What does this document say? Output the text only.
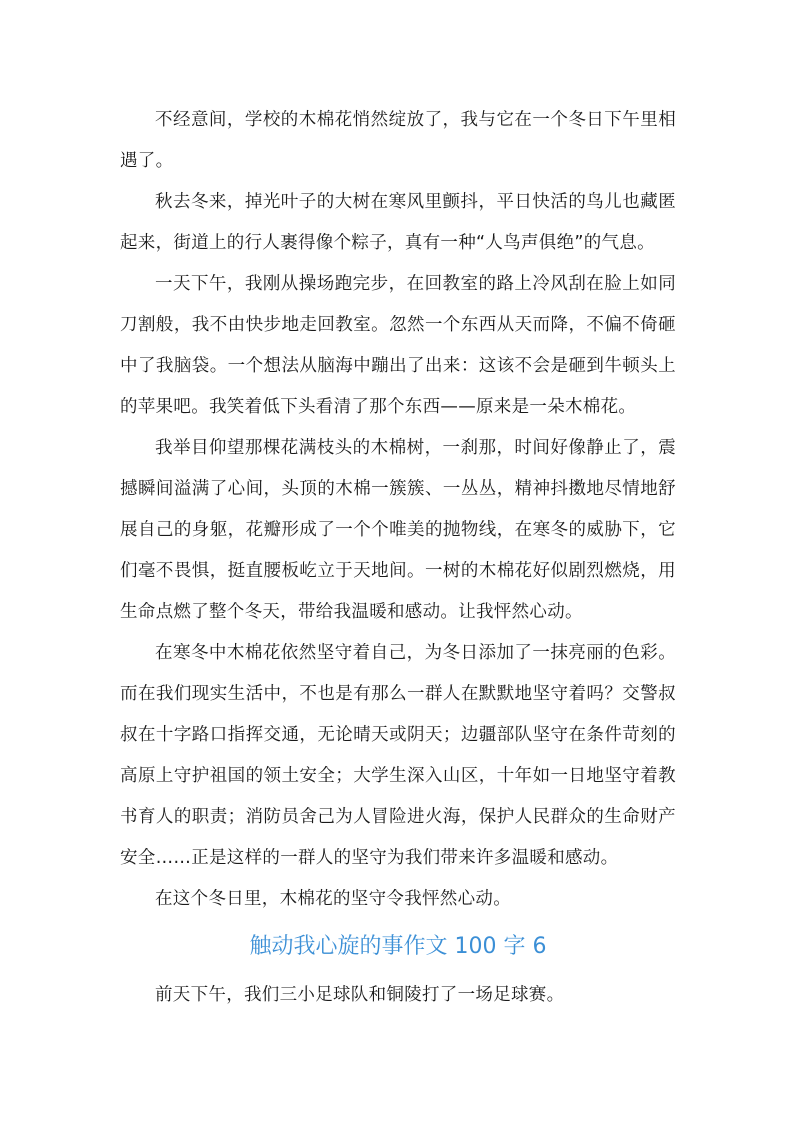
不经意间，学校的木棉花悄然绽放了，我与它在一个冬日下午里相遇了。

秋去冬来，掉光叶子的大树在寒风里颤抖，平日快活的鸟儿也藏匿起来，街道上的行人裹得像个粽子，真有一种“人鸟声俱绝”的气息。

一天下午，我刚从操场跑完步，在回教室的路上冷风刮在脸上如同刀割般，我不由快步地走回教室。忽然一个东西从天而降，不偏不倚砸中了我脑袋。一个想法从脑海中蹦出了出来：这该不会是砸到牛顿头上的苹果吧。我笑着低下头看清了那个东西——原来是一朵木棉花。

我举目仰望那棵花满枝头的木棉树，一刹那，时间好像静止了，震撼瞬间溢满了心间，头顶的木棉一簇簇、一丛丛，精神抖擞地尽情地舒展自己的身躯，花瓣形成了一个个唯美的抛物线，在寒冬的威胁下，它们毫不畏惧，挺直腰板屹立于天地间。一树的木棉花好似剧烈燃烧，用生命点燃了整个冬天，带给我温暖和感动。让我怦然心动。

在寒冬中木棉花依然坚守着自己，为冬日添加了一抹亮丽的色彩。而在我们现实生活中，不也是有那么一群人在默默地坚守着吗？交警叔叔在十字路口指挥交通，无论晴天或阴天；边疆部队坚守在条件苛刻的高原上守护祖国的领土安全；大学生深入山区，十年如一日地坚守着教书育人的职责；消防员舍己为人冒险进火海，保护人民群众的生命财产安全……正是这样的一群人的坚守为我们带来许多温暖和感动。

在这个冬日里，木棉花的坚守令我怦然心动。

触动我心旋的事作文 100 字 6

前天下午，我们三小足球队和铜陵打了一场足球赛。
